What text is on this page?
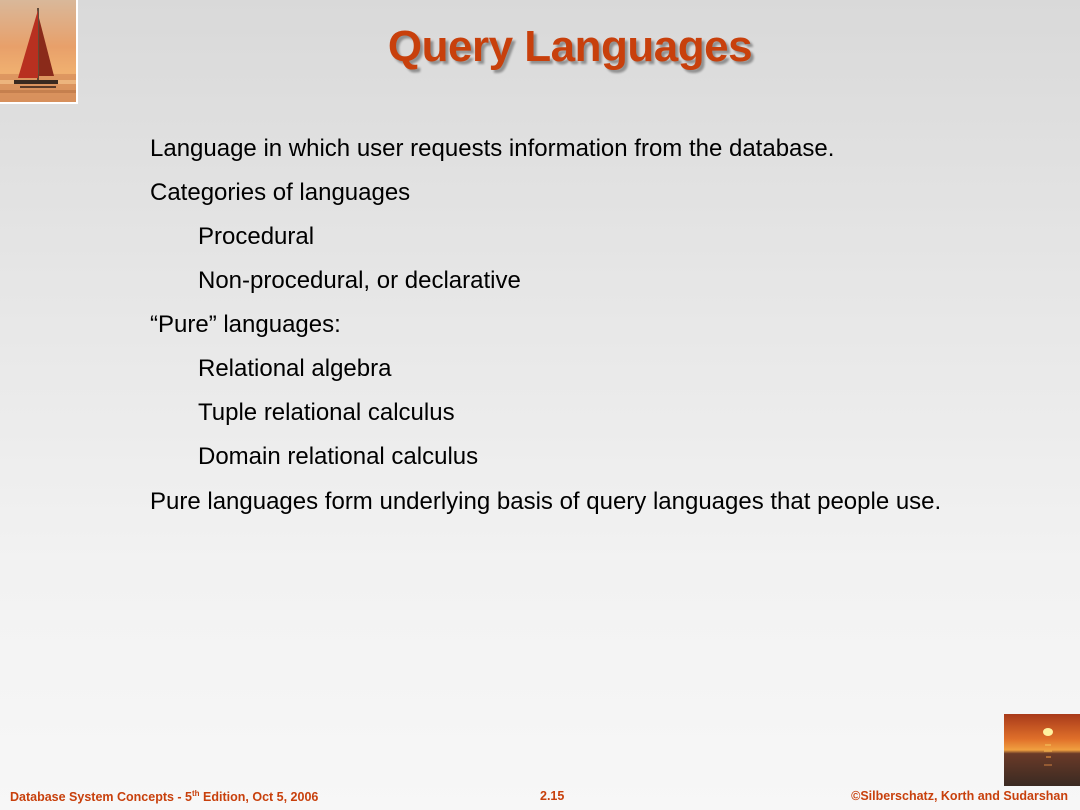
Query Languages
Language in which user requests information from the database.
Categories of languages
Procedural
Non-procedural, or declarative
“Pure” languages:
Relational algebra
Tuple relational calculus
Domain relational calculus
Pure languages form underlying basis of query languages that people use.
Database System Concepts - 5th Edition, Oct 5, 2006	2.15	©Silberschatz, Korth and Sudarshan
